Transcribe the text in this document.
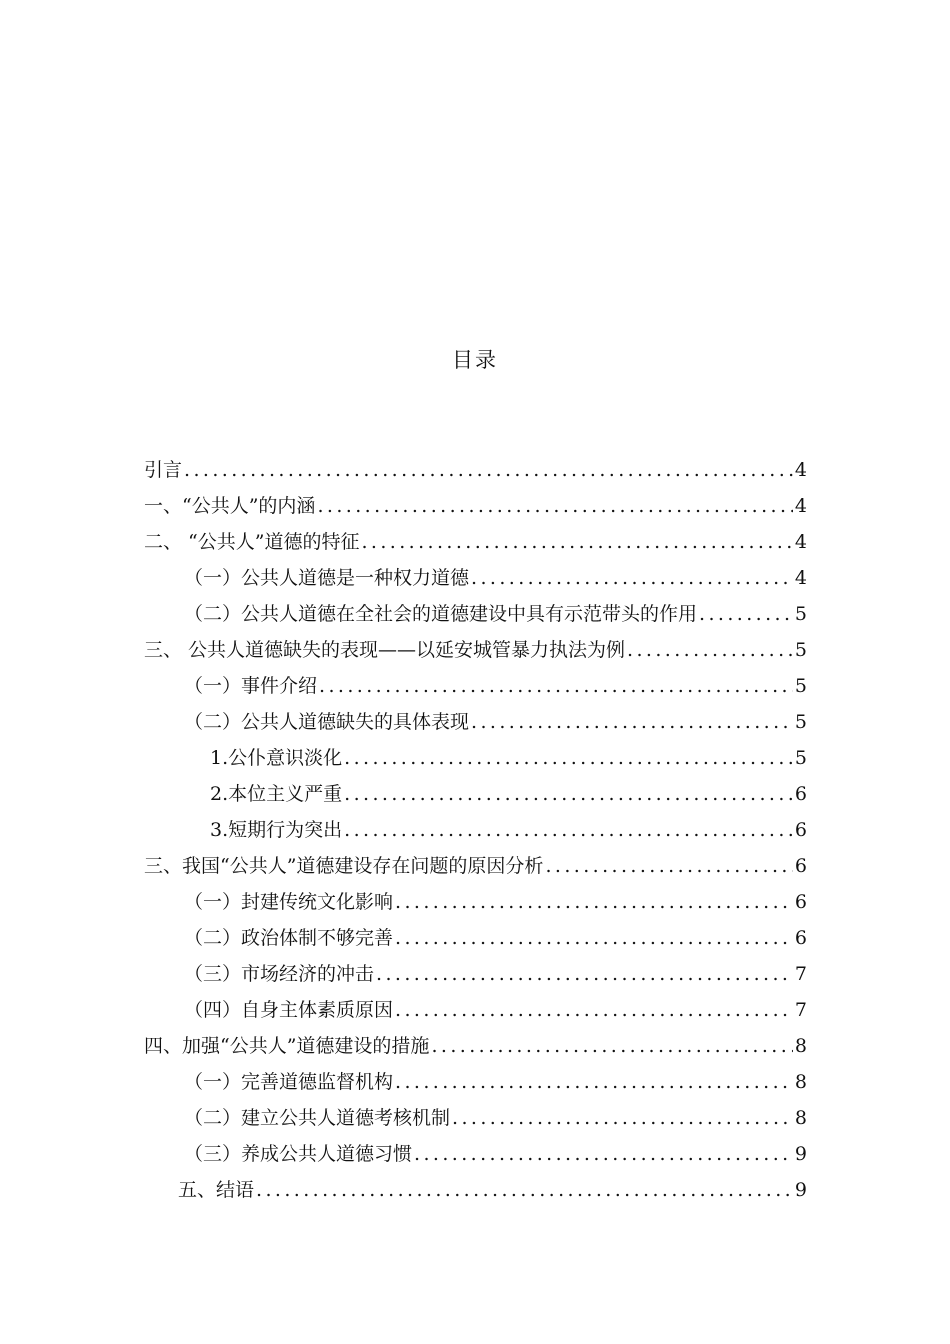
目录
引言 .....	4
一、“公共人”的内涵 .....	4
二、 “公共人”道德的特征 .....	4
（一）公共人道德是一种权力道德 .....	4
（二）公共人道德在全社会的道德建设中具有示范带头的作用 .....	5
三、 公共人道德缺失的表现——以延安城管暴力执法为例 .....	5
（一）事件介绍 .....	5
（二）公共人道德缺失的具体表现 .....	5
1.公仆意识淡化 .....	5
2.本位主义严重 .....	6
3.短期行为突出 .....	6
三、我国“公共人”道德建设存在问题的原因分析 .....	6
（一）封建传统文化影响 .....	6
（二）政治体制不够完善 .....	6
（三）市场经济的冲击 .....	7
（四）自身主体素质原因 .....	7
四、加强“公共人”道德建设的措施 .....	8
（一）完善道德监督机构 .....	8
（二）建立公共人道德考核机制 .....	8
（三）养成公共人道德习惯 .....	9
五、结语 .....	9
